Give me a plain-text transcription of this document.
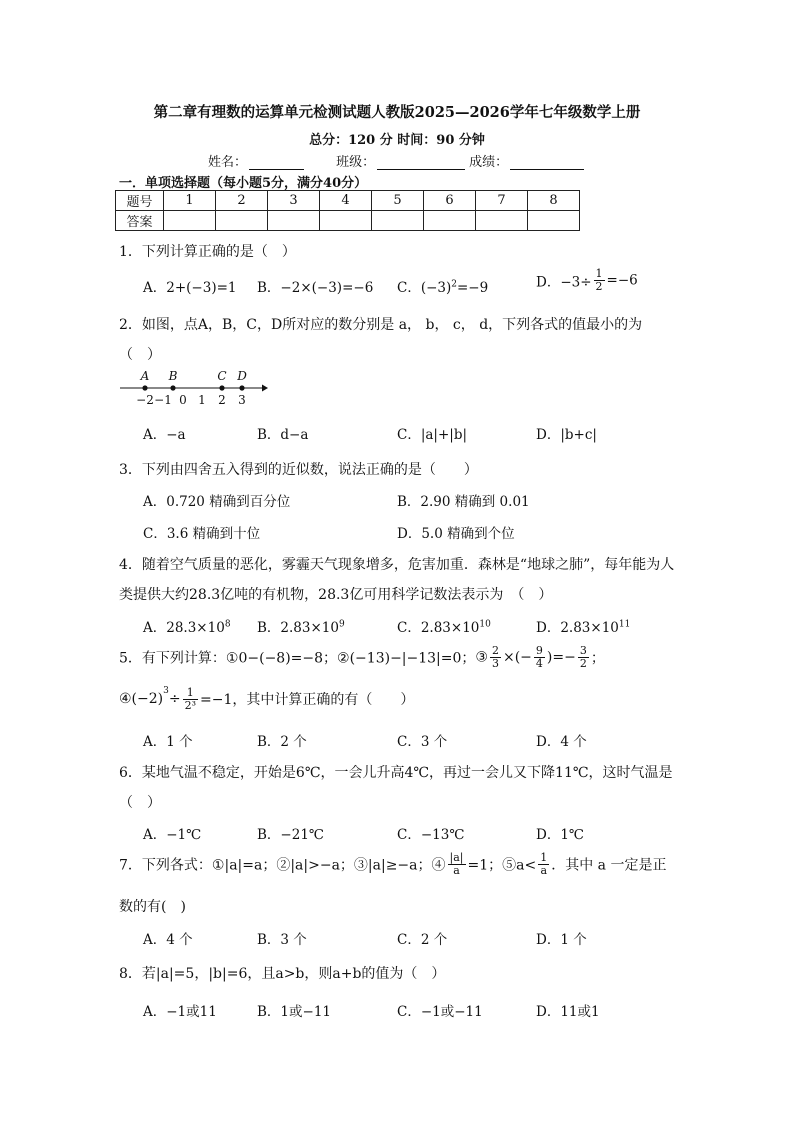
第二章有理数的运算单元检测试题人教版2025—2026学年七年级数学上册
总分：120 分 时间：90 分钟
姓名：	班级：	成绩：
一．单项选择题（每小题5分，满分40分）
题号	1	2	3	4	5	6	7	8
答案								
1．下列计算正确的是（　）
A．2+(−3)=1 B．−2×(−3)=−6 C．$(-3)^2=-9$	D．$-3\div \frac{1}{2} =-6$
2．如图，点A，B，C，D所对应的数分别是 a， b， c， d，下列各式的值最小的为
（　）
−2 −1 0 1 2 3
A B	C D
A．−a	B．d−a	C．|a|+|b|	D．|b+c|
3．下列由四舍五入得到的近似数，说法正确的是（　　）
A．0.720 精确到百分位	B．2.90 精确到 0.01
C．3.6 精确到十位	D．5.0 精确到个位
4．随着空气质量的恶化，雾霾天气现象增多，危害加重．森林是“地球之肺”，每年能为人
类提供大约28.3亿吨的有机物，28.3亿可用科学记数法表示为　（　）
A．$28.3\times 10^8$ B．$2.83\times 10^9$	C．$2.83\times 10^{10}$	D．$2.83\times 10^{11}$
5．有下列计算：①0−(−8)=−8；②(−13)−|−13|=0；③ $\frac{2}{3}$ ×(− $\frac{9}{4}$ )=− $\frac{3}{2}$ ；
$④(-2)^3\div \frac{1}{\text{2³}} =-1$，其中计算正确的有（　　）
A．1 个	B．2 个	C．3 个	D．4 个
6．某地气温不稳定，开始是6℃，一会儿升高4℃，再过一会儿又下降11℃，这时气温是
（　）
A．−1℃	B．−21℃	C．−13℃	D．1℃
7．下列各式：①|a|=a；②|a|>−a；③|a|≥−a；④ $\frac{|a|}{a} =1$；⑤a< $\frac{1}{a}$ ．其中 a 一定是正
数的有(　)
A．4 个	B．3 个	C．2 个	D．1 个
8．若|a|=5，|b|=6，且a>b，则a+b的值为（　）
A．−1或11	B．1或−11	C．−1或−11	D．11或1
